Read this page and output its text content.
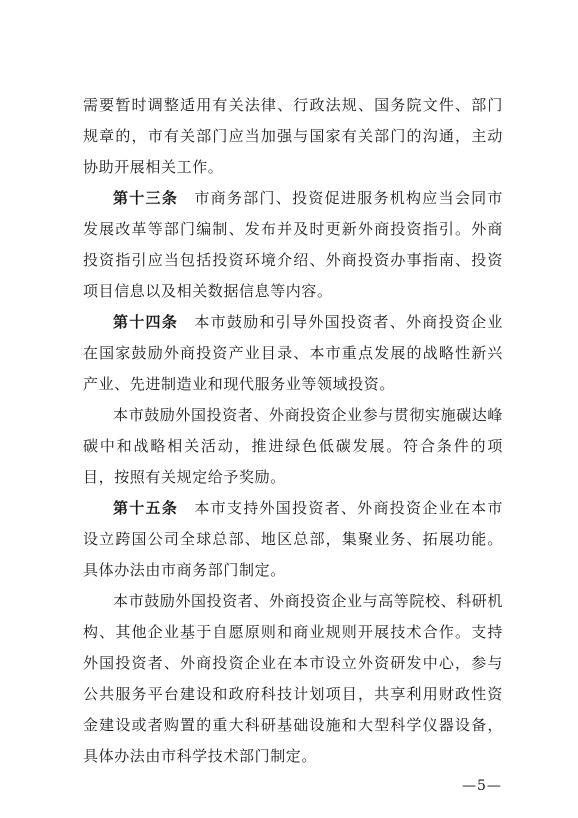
需要暂时调整适用有关法律、行政法规、国务院文件、部门规章的，市有关部门应当加强与国家有关部门的沟通，主动协助开展相关工作。

第十三条　 市商务部门、投资促进服务机构应当会同市发展改革等部门编制、发布并及时更新外商投资指引。外商投资指引应当包括投资环境介绍、外商投资办事指南、投资项目信息以及相关数据信息等内容。

第十四条　 本市鼓励和引导外国投资者、外商投资企业在国家鼓励外商投资产业目录、本市重点发展的战略性新兴产业、先进制造业和现代服务业等领域投资。

本市鼓励外国投资者、外商投资企业参与贯彻实施碳达峰碳中和战略相关活动，推进绿色低碳发展。符合条件的项目，按照有关规定给予奖励。

第十五条　 本市支持外国投资者、外商投资企业在本市设立跨国公司全球总部、地区总部，集聚业务、拓展功能。具体办法由市商务部门制定。

本市鼓励外国投资者、外商投资企业与高等院校、科研机构、其他企业基于自愿原则和商业规则开展技术合作。支持外国投资者、外商投资企业在本市设立外资研发中心，参与公共服务平台建设和政府科技计划项目，共享利用财政性资金建设或者购置的重大科研基础设施和大型科学仪器设备，具体办法由市科学技术部门制定。

—5—
